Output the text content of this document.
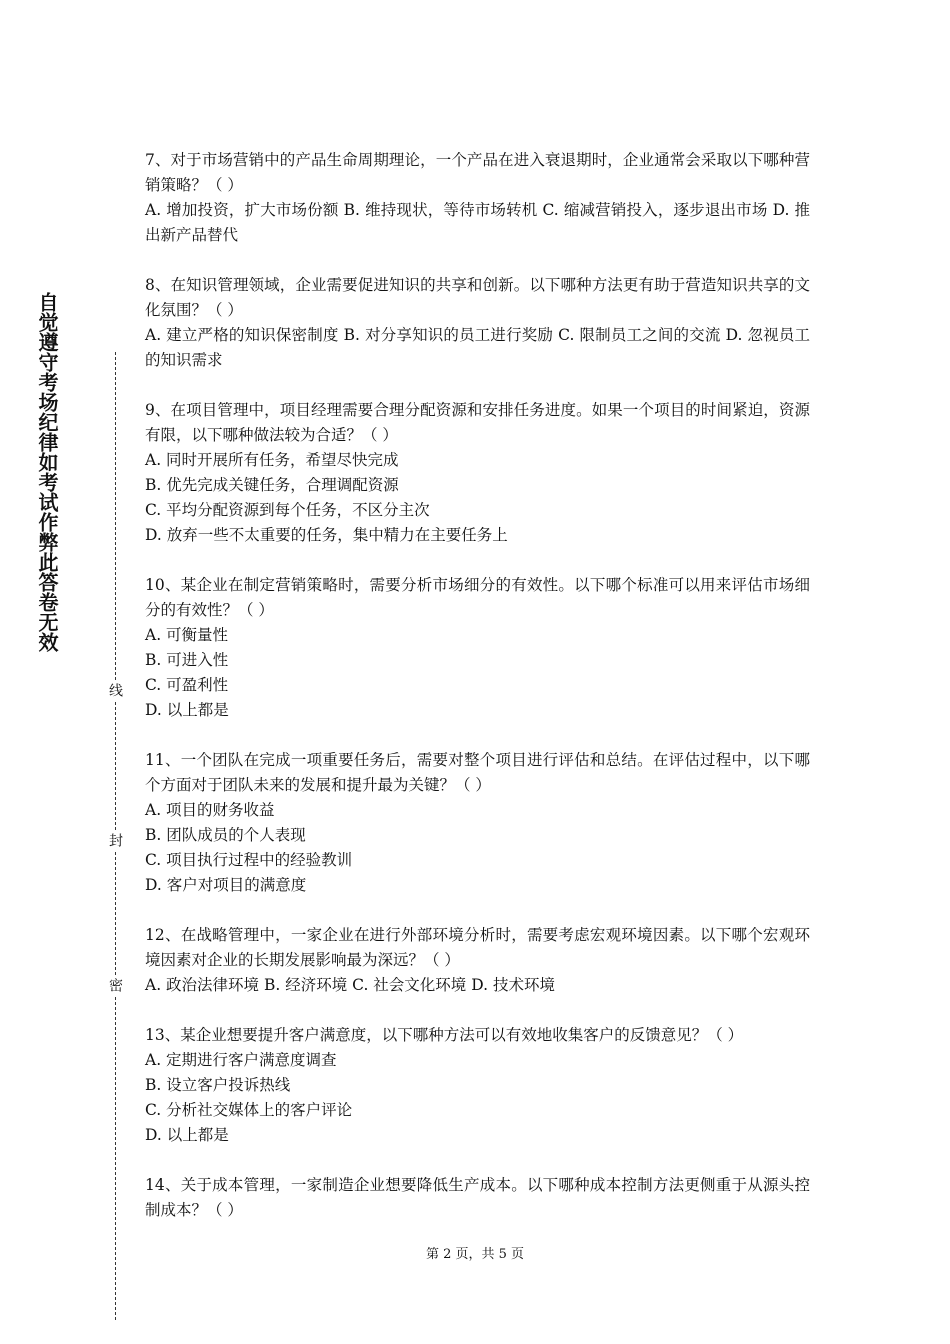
自觉遵守考场纪律如考试作弊此答卷无效
线
封
密

7、对于市场营销中的产品生命周期理论，一个产品在进入衰退期时，企业通常会采取以下哪种营销策略？（ ）

A. 增加投资，扩大市场份额 B. 维持现状，等待市场转机 C. 缩减营销投入，逐步退出市场 D. 推出新产品替代

8、在知识管理领域，企业需要促进知识的共享和创新。以下哪种方法更有助于营造知识共享的文化氛围？（ ）

A. 建立严格的知识保密制度 B. 对分享知识的员工进行奖励 C. 限制员工之间的交流 D. 忽视员工的知识需求

9、在项目管理中，项目经理需要合理分配资源和安排任务进度。如果一个项目的时间紧迫，资源有限，以下哪种做法较为合适？（ ）

A. 同时开展所有任务，希望尽快完成

B. 优先完成关键任务，合理调配资源

C. 平均分配资源到每个任务，不区分主次

D. 放弃一些不太重要的任务，集中精力在主要任务上

10、某企业在制定营销策略时，需要分析市场细分的有效性。以下哪个标准可以用来评估市场细分的有效性？（ ）

A. 可衡量性

B. 可进入性

C. 可盈利性

D. 以上都是

11、一个团队在完成一项重要任务后，需要对整个项目进行评估和总结。在评估过程中，以下哪个方面对于团队未来的发展和提升最为关键？（ ）

A. 项目的财务收益

B. 团队成员的个人表现

C. 项目执行过程中的经验教训

D. 客户对项目的满意度

12、在战略管理中，一家企业在进行外部环境分析时，需要考虑宏观环境因素。以下哪个宏观环境因素对企业的长期发展影响最为深远？（ ）

A. 政治法律环境 B. 经济环境 C. 社会文化环境 D. 技术环境

13、某企业想要提升客户满意度，以下哪种方法可以有效地收集客户的反馈意见？（ ）

A. 定期进行客户满意度调查

B. 设立客户投诉热线

C. 分析社交媒体上的客户评论

D. 以上都是

14、关于成本管理，一家制造企业想要降低生产成本。以下哪种成本控制方法更侧重于从源头控制成本？（ ）

第 2 页，共 5 页
